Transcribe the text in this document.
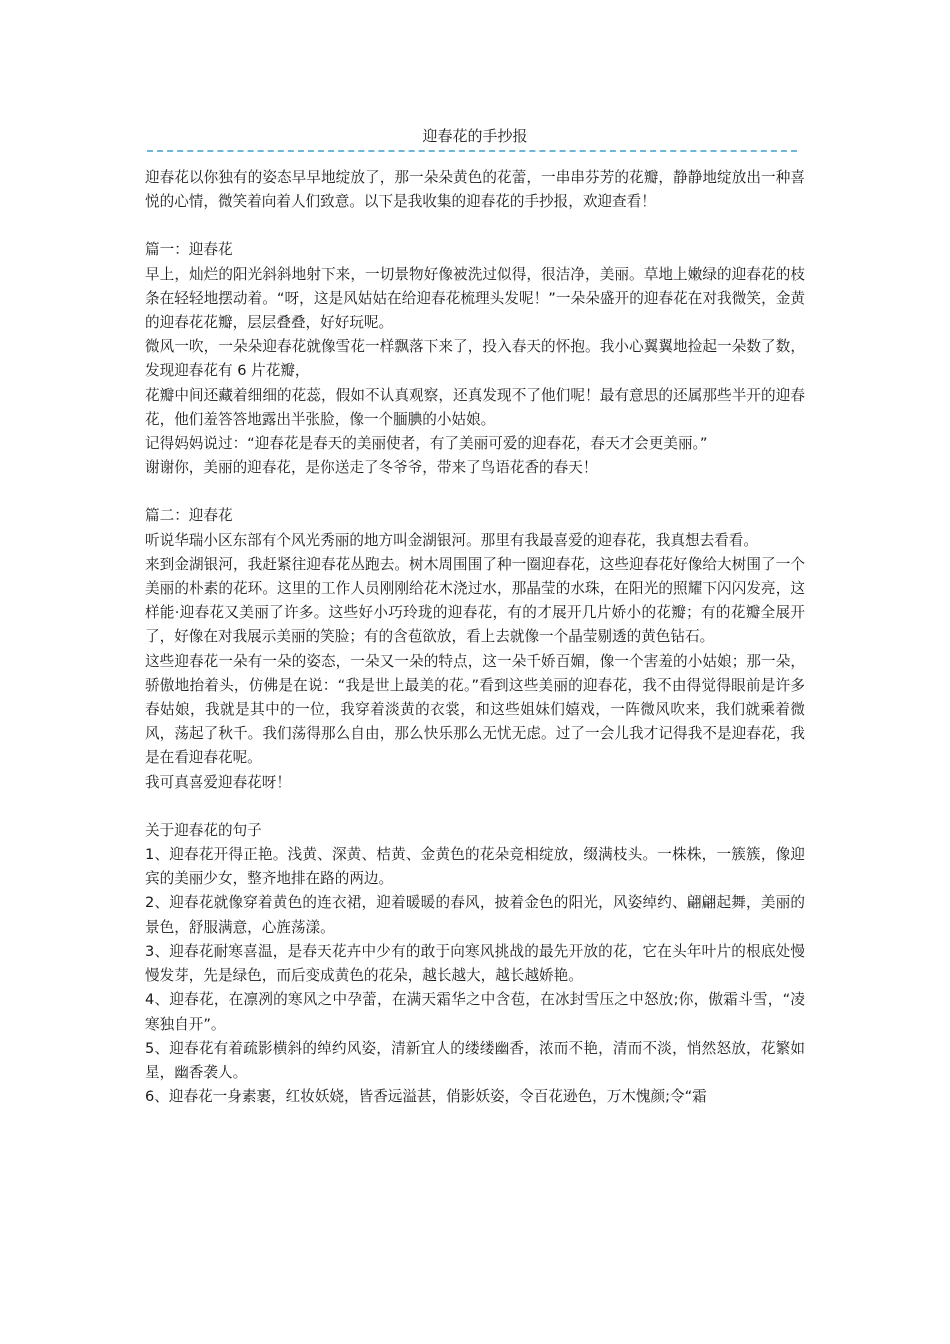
迎春花的手抄报

迎春花以你独有的姿态早早地绽放了，那一朵朵黄色的花蕾，一串串芬芳的花瓣，静静地绽放出一种喜悦的心情，微笑着向着人们致意。以下是我收集的迎春花的手抄报，欢迎查看！

篇一：迎春花

早上，灿烂的阳光斜斜地射下来，一切景物好像被洗过似得，很洁净，美丽。草地上嫩绿的迎春花的枝条在轻轻地摆动着。“呀，这是风姑姑在给迎春花梳理头发呢！”一朵朵盛开的迎春花在对我微笑，金黄的迎春花花瓣，层层叠叠，好好玩呢。

微风一吹，一朵朵迎春花就像雪花一样飘落下来了，投入春天的怀抱。我小心翼翼地捡起一朵数了数，发现迎春花有 6 片花瓣，

花瓣中间还藏着细细的花蕊，假如不认真观察，还真发现不了他们呢！最有意思的还属那些半开的迎春花，他们羞答答地露出半张脸，像一个腼腆的小姑娘。

记得妈妈说过：“迎春花是春天的美丽使者，有了美丽可爱的迎春花，春天才会更美丽。”

谢谢你，美丽的迎春花，是你送走了冬爷爷，带来了鸟语花香的春天！

篇二：迎春花

听说华瑞小区东部有个风光秀丽的地方叫金湖银河。那里有我最喜爱的迎春花，我真想去看看。

来到金湖银河，我赶紧往迎春花丛跑去。树木周围围了种一圈迎春花，这些迎春花好像给大树围了一个美丽的朴素的花环。这里的工作人员刚刚给花木浇过水，那晶莹的水珠，在阳光的照耀下闪闪发亮，这样能·迎春花又美丽了许多。这些好小巧玲珑的迎春花，有的才展开几片娇小的花瓣；有的花瓣全展开了，好像在对我展示美丽的笑脸；有的含苞欲放，看上去就像一个晶莹剔透的黄色钻石。

这些迎春花一朵有一朵的姿态，一朵又一朵的特点，这一朵千娇百媚，像一个害羞的小姑娘；那一朵，骄傲地抬着头，仿佛是在说：“我是世上最美的花。”看到这些美丽的迎春花，我不由得觉得眼前是许多春姑娘，我就是其中的一位，我穿着淡黄的衣裳，和这些姐妹们嬉戏，一阵微风吹来，我们就乘着微风，荡起了秋千。我们荡得那么自由，那么快乐那么无忧无虑。过了一会儿我才记得我不是迎春花，我是在看迎春花呢。

我可真喜爱迎春花呀！

关于迎春花的句子

1、迎春花开得正艳。浅黄、深黄、桔黄、金黄色的花朵竞相绽放，缀满枝头。一株株，一簇簇，像迎宾的美丽少女，整齐地排在路的两边。

2、迎春花就像穿着黄色的连衣裙，迎着暖暖的春风，披着金色的阳光，风姿绰约、翩翩起舞，美丽的景色，舒服满意，心旌荡漾。

3、迎春花耐寒喜温，是春天花卉中少有的敢于向寒风挑战的最先开放的花，它在头年叶片的根底处慢慢发芽，先是绿色，而后变成黄色的花朵，越长越大，越长越娇艳。

4、迎春花，在凛冽的寒风之中孕蕾，在满天霜华之中含苞，在冰封雪压之中怒放;你，傲霜斗雪，“凌寒独自开”。

5、迎春花有着疏影横斜的绰约风姿，清新宜人的缕缕幽香，浓而不艳，清而不淡，悄然怒放，花繁如星，幽香袭人。

6、迎春花一身素裹，红妆妖娆，皆香远溢甚，俏影妖姿，令百花逊色，万木愧颜;令“霜
